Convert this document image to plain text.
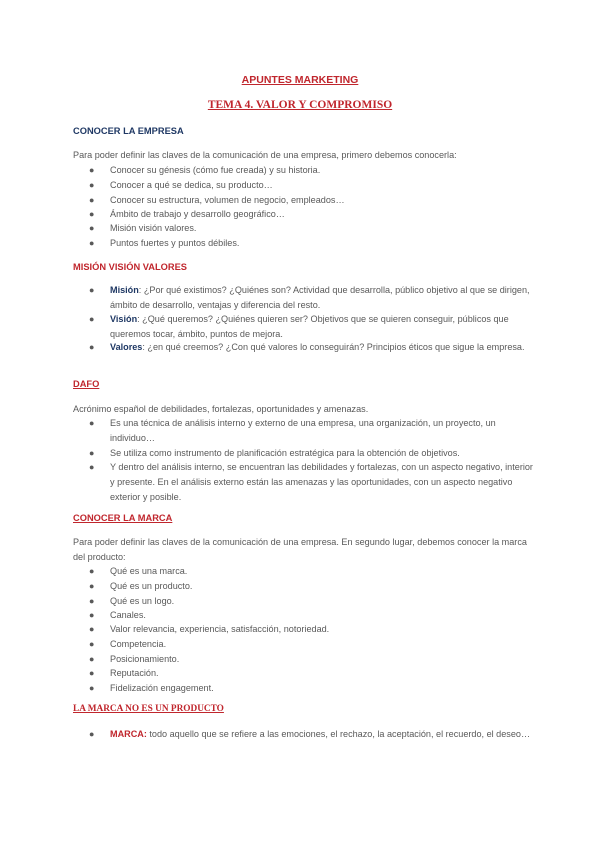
APUNTES MARKETING
TEMA 4. VALOR Y COMPROMISO
CONOCER LA EMPRESA

Para poder definir las claves de la comunicación de una empresa, primero debemos conocerla:

● Conocer su génesis (cómo fue creada) y su historia.
● Conocer a qué se dedica, su producto…
● Conocer su estructura, volumen de negocio, empleados…
● Ámbito de trabajo y desarrollo geográfico…
● Misión visión valores.
● Puntos fuertes y puntos débiles.
MISIÓN VISIÓN VALORES
● Misión: ¿Por qué existimos? ¿Quiénes son? Actividad que desarrolla, público objetivo al que se dirigen, ámbito de desarrollo, ventajas y diferencia del resto.
● Visión: ¿Qué queremos? ¿Quiénes quieren ser? Objetivos que se quieren conseguir, públicos que queremos tocar, ámbito, puntos de mejora.
● Valores: ¿en qué creemos? ¿Con qué valores lo conseguirán? Principios éticos que sigue la empresa.
DAFO

Acrónimo español de debilidades, fortalezas, oportunidades y amenazas.

● Es una técnica de análisis interno y externo de una empresa, una organización, un proyecto, un individuo…
● Se utiliza como instrumento de planificación estratégica para la obtención de objetivos.
● Y dentro del análisis interno, se encuentran las debilidades y fortalezas, con un aspecto negativo, interior y presente. En el análisis externo están las amenazas y las oportunidades, con un aspecto negativo exterior y posible.
CONOCER LA MARCA

Para poder definir las claves de la comunicación de una empresa. En segundo lugar, debemos conocer la marca del producto:

● Qué es una marca.
● Qué es un producto.
● Qué es un logo.
● Canales.
● Valor relevancia, experiencia, satisfacción, notoriedad.
● Competencia.
● Posicionamiento.
● Reputación.
● Fidelización engagement.
LA MARCA NO ES UN PRODUCTO
● MARCA: todo aquello que se refiere a las emociones, el rechazo, la aceptación, el recuerdo, el deseo…
